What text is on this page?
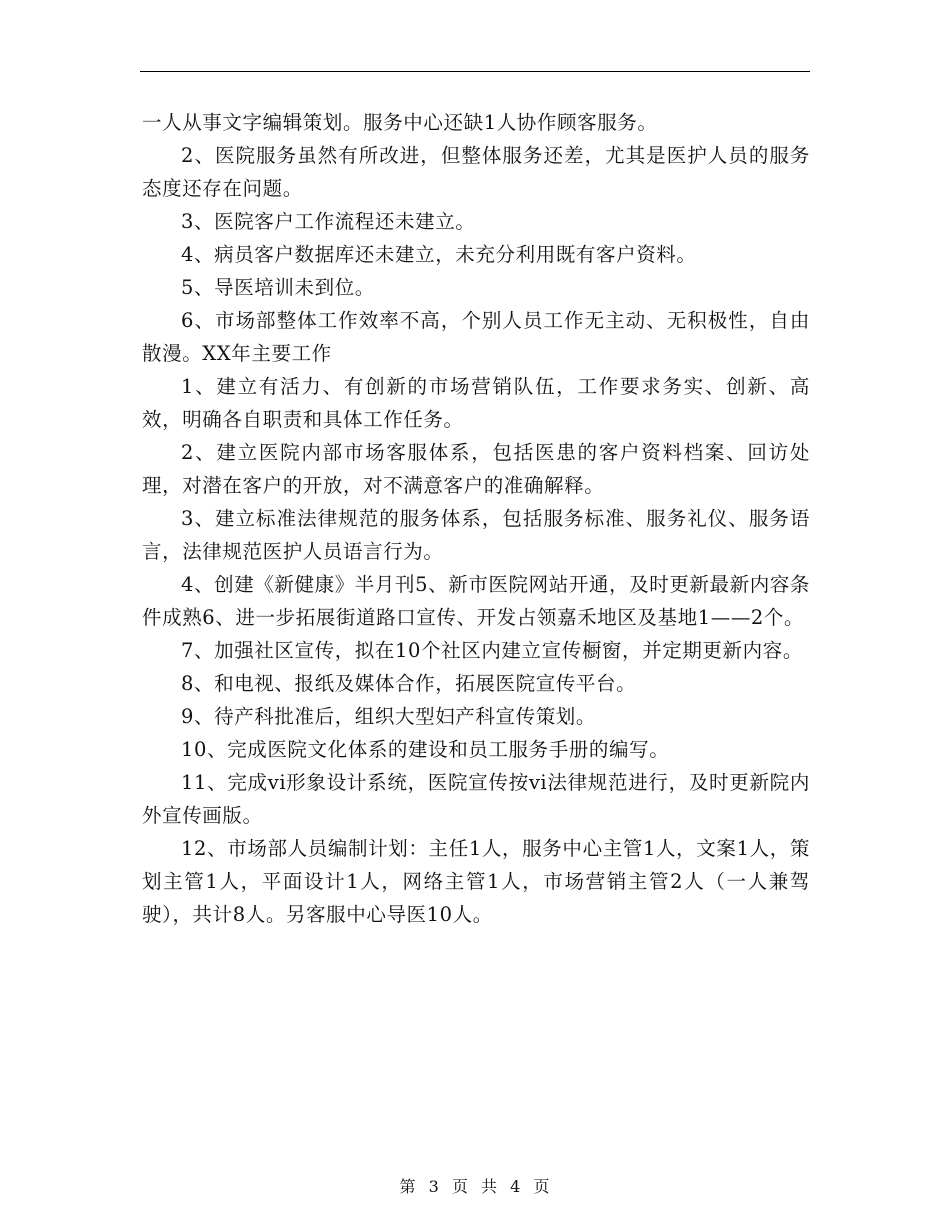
一人从事文字编辑策划。服务中心还缺1人协作顾客服务。

2、医院服务虽然有所改进，但整体服务还差，尤其是医护人员的服务态度还存在问题。

3、医院客户工作流程还未建立。

4、病员客户数据库还未建立，未充分利用既有客户资料。

5、导医培训未到位。

6、市场部整体工作效率不高，个别人员工作无主动、无积极性，自由散漫。XX年主要工作

1、建立有活力、有创新的市场营销队伍，工作要求务实、创新、高效，明确各自职责和具体工作任务。

2、建立医院内部市场客服体系，包括医患的客户资料档案、回访处理，对潜在客户的开放，对不满意客户的准确解释。

3、建立标准法律规范的服务体系，包括服务标准、服务礼仪、服务语言，法律规范医护人员语言行为。

4、创建《新健康》半月刊5、新市医院网站开通，及时更新最新内容条件成熟6、进一步拓展街道路口宣传、开发占领嘉禾地区及基地1——2个。

7、加强社区宣传，拟在10个社区内建立宣传橱窗，并定期更新内容。

8、和电视、报纸及媒体合作，拓展医院宣传平台。

9、待产科批准后，组织大型妇产科宣传策划。

10、完成医院文化体系的建设和员工服务手册的编写。

11、完成vi形象设计系统，医院宣传按vi法律规范进行，及时更新院内外宣传画版。

12、市场部人员编制计划：主任1人，服务中心主管1人，文案1人，策划主管1人，平面设计1人，网络主管1人，市场营销主管2人（一人兼驾驶），共计8人。另客服中心导医10人。

第 3 页 共 4 页
